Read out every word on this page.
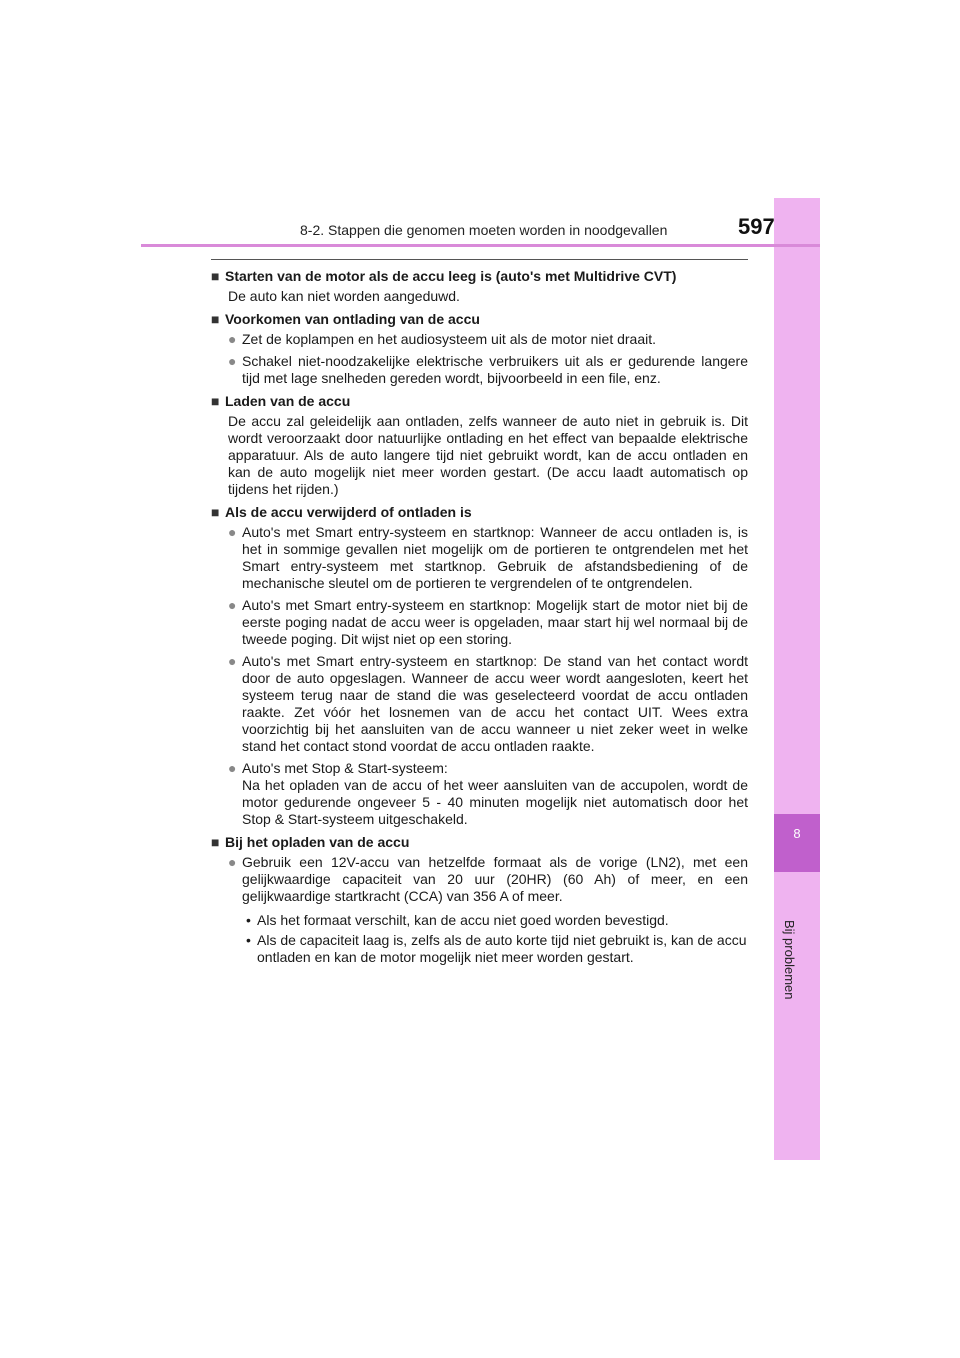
8
Bij problemen
8-2. Stappen die genomen moeten worden in noodgevallen	597
■ Starten van de motor als de accu leeg is (auto's met Multidrive CVT)
De auto kan niet worden aangeduwd.
■ Voorkomen van ontlading van de accu
● Zet de koplampen en het audiosysteem uit als de motor niet draait.
● Schakel niet-noodzakelijke elektrische verbruikers uit als er gedurende langere tijd met lage snelheden gereden wordt, bijvoorbeeld in een file, enz.
■ Laden van de accu
De accu zal geleidelijk aan ontladen, zelfs wanneer de auto niet in gebruik is. Dit wordt veroorzaakt door natuurlijke ontlading en het effect van bepaalde elektrische apparatuur. Als de auto langere tijd niet gebruikt wordt, kan de accu ontladen en kan de auto mogelijk niet meer worden gestart. (De accu laadt automatisch op tijdens het rijden.)
■ Als de accu verwijderd of ontladen is
● Auto's met Smart entry-systeem en startknop: Wanneer de accu ontladen is, is het in sommige gevallen niet mogelijk om de portieren te ontgrendelen met het Smart entry-systeem met startknop. Gebruik de afstandsbediening of de mechanische sleutel om de portieren te vergrendelen of te ontgrendelen.
● Auto's met Smart entry-systeem en startknop: Mogelijk start de motor niet bij de eerste poging nadat de accu weer is opgeladen, maar start hij wel normaal bij de tweede poging. Dit wijst niet op een storing.
● Auto's met Smart entry-systeem en startknop: De stand van het contact wordt door de auto opgeslagen. Wanneer de accu weer wordt aangesloten, keert het systeem terug naar de stand die was geselecteerd voordat de accu ontladen raakte. Zet vóór het losnemen van de accu het contact UIT. Wees extra voorzichtig bij het aansluiten van de accu wanneer u niet zeker weet in welke stand het contact stond voordat de accu ontladen raakte.
● Auto's met Stop & Start-systeem:

Na het opladen van de accu of het weer aansluiten van de accupolen, wordt de motor gedurende ongeveer 5 - 40 minuten mogelijk niet automatisch door het Stop & Start-systeem uitgeschakeld.

■ Bij het opladen van de accu
● Gebruik een 12V-accu van hetzelfde formaat als de vorige (LN2), met een gelijkwaardige capaciteit van 20 uur (20HR) (60 Ah) of meer, en een gelijkwaardige startkracht (CCA) van 356 A of meer.
• Als het formaat verschilt, kan de accu niet goed worden bevestigd.
• Als de capaciteit laag is, zelfs als de auto korte tijd niet gebruikt is, kan de accu ontladen en kan de motor mogelijk niet meer worden gestart.
